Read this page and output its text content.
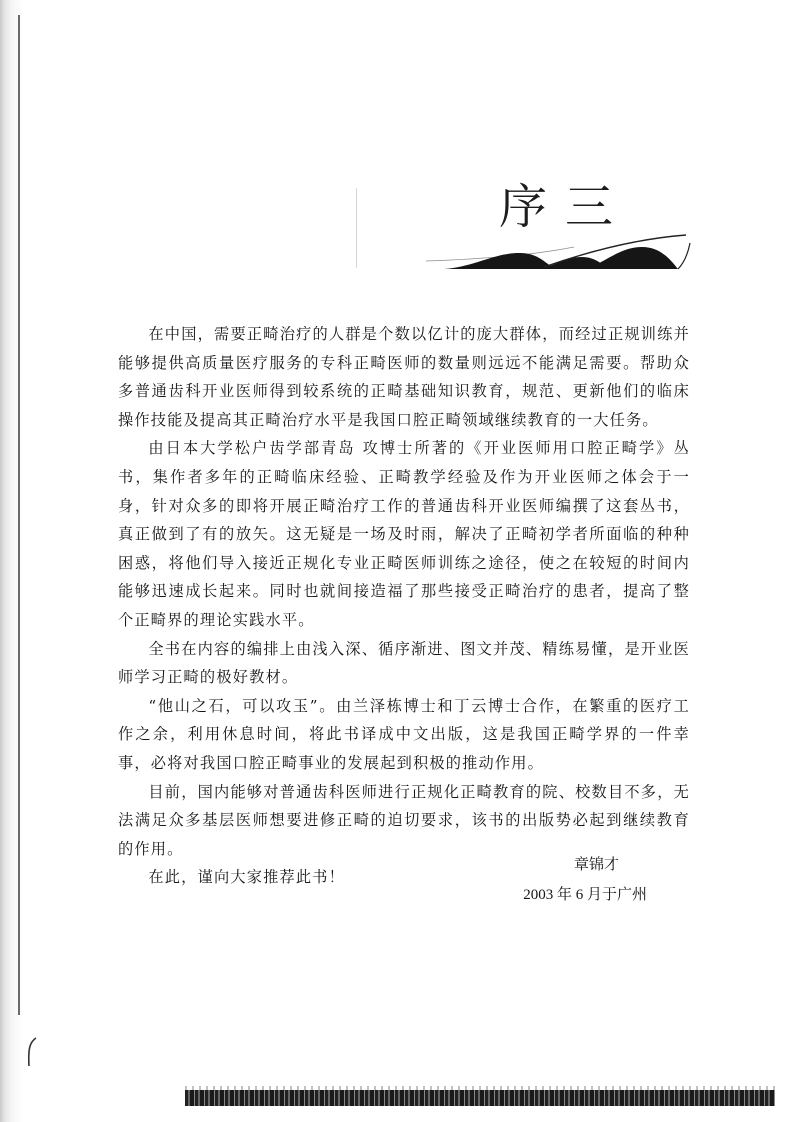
序三

在中国，需要正畸治疗的人群是个数以亿计的庞大群体，而经过正规训练并能够提供高质量医疗服务的专科正畸医师的数量则远远不能满足需要。帮助众多普通齿科开业医师得到较系统的正畸基础知识教育，规范、更新他们的临床操作技能及提高其正畸治疗水平是我国口腔正畸领域继续教育的一大任务。

由日本大学松户齿学部青岛 攻博士所著的《开业医师用口腔正畸学》丛书，集作者多年的正畸临床经验、正畸教学经验及作为开业医师之体会于一身，针对众多的即将开展正畸治疗工作的普通齿科开业医师编撰了这套丛书，真正做到了有的放矢。这无疑是一场及时雨，解决了正畸初学者所面临的种种困惑，将他们导入接近正规化专业正畸医师训练之途径，使之在较短的时间内能够迅速成长起来。同时也就间接造福了那些接受正畸治疗的患者，提高了整个正畸界的理论实践水平。

全书在内容的编排上由浅入深、循序渐进、图文并茂、精练易懂，是开业医师学习正畸的极好教材。

“他山之石，可以攻玉”。由兰泽栋博士和丁云博士合作，在繁重的医疗工作之余，利用休息时间，将此书译成中文出版，这是我国正畸学界的一件幸事，必将对我国口腔正畸事业的发展起到积极的推动作用。

目前，国内能够对普通齿科医师进行正规化正畸教育的院、校数目不多，无法满足众多基层医师想要进修正畸的迫切要求，该书的出版势必起到继续教育的作用。

在此，谨向大家推荐此书！

章锦才
2003 年 6 月于广州
